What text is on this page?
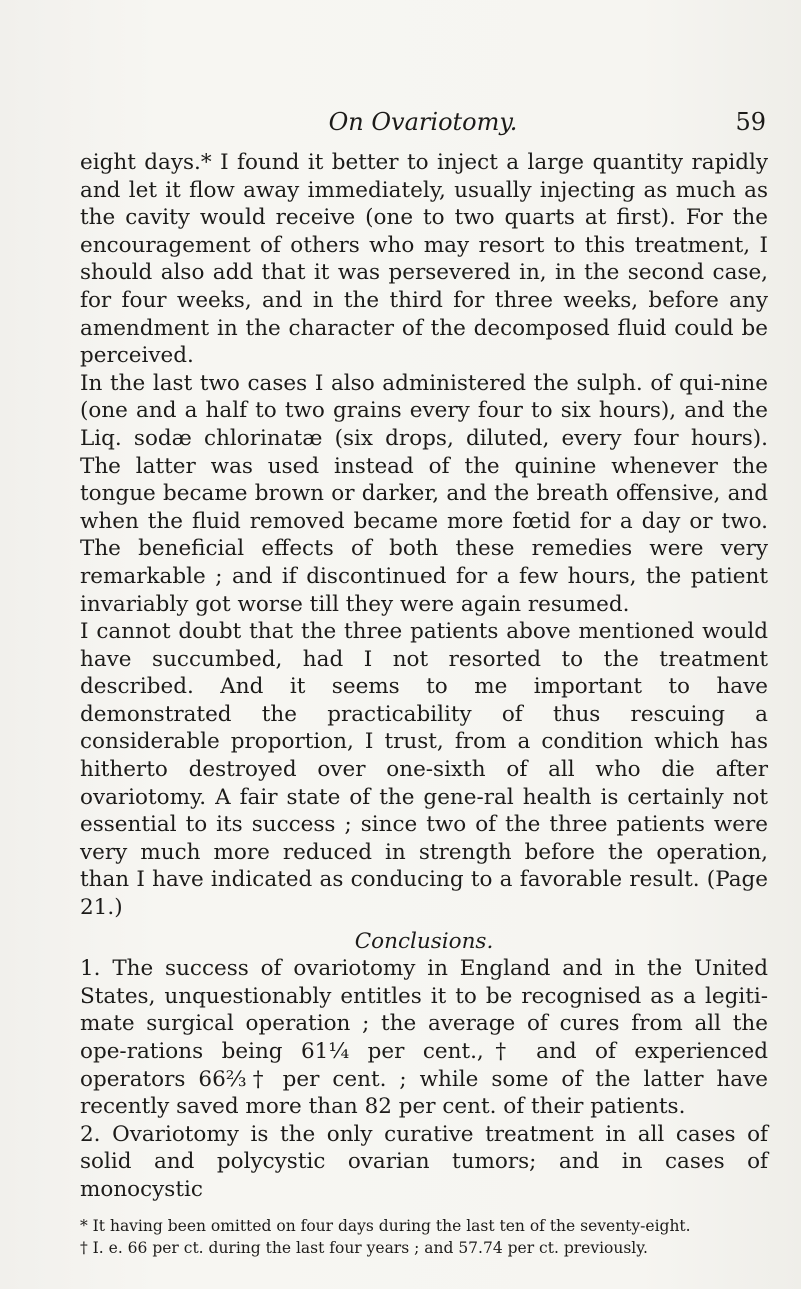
On Ovariotomy.	59

eight days.* I found it better to inject a large quantity rapidly and let it flow away immediately, usually injecting as much as the cavity would receive (one to two quarts at first). For the encouragement of others who may resort to this treatment, I should also add that it was persevered in, in the second case, for four weeks, and in the third for three weeks, before any amendment in the character of the decomposed fluid could be perceived.

In the last two cases I also administered the sulph. of qui-nine (one and a half to two grains every four to six hours), and the Liq. sodæ chlorinatæ (six drops, diluted, every four hours). The latter was used instead of the quinine whenever the tongue became brown or darker, and the breath offensive, and when the fluid removed became more fœtid for a day or two. The beneficial effects of both these remedies were very remarkable ; and if discontinued for a few hours, the patient invariably got worse till they were again resumed.

I cannot doubt that the three patients above mentioned would have succumbed, had I not resorted to the treatment described. And it seems to me important to have demonstrated the practicability of thus rescuing a considerable proportion, I trust, from a condition which has hitherto destroyed over one-sixth of all who die after ovariotomy. A fair state of the gene-ral health is certainly not essential to its success ; since two of the three patients were very much more reduced in strength before the operation, than I have indicated as conducing to a favorable result. (Page 21.)

Conclusions.

1. The success of ovariotomy in England and in the United States, unquestionably entitles it to be recognised as a legiti-mate surgical operation ; the average of cures from all the ope-rations being 61¼ per cent.,† and of experienced operators 66⅔† per cent. ; while some of the latter have recently saved more than 82 per cent. of their patients.

2. Ovariotomy is the only curative treatment in all cases of solid and polycystic ovarian tumors; and in cases of monocystic

* It having been omitted on four days during the last ten of the seventy-eight.

† I. e. 66 per ct. during the last four years ; and 57.74 per ct. previously.
